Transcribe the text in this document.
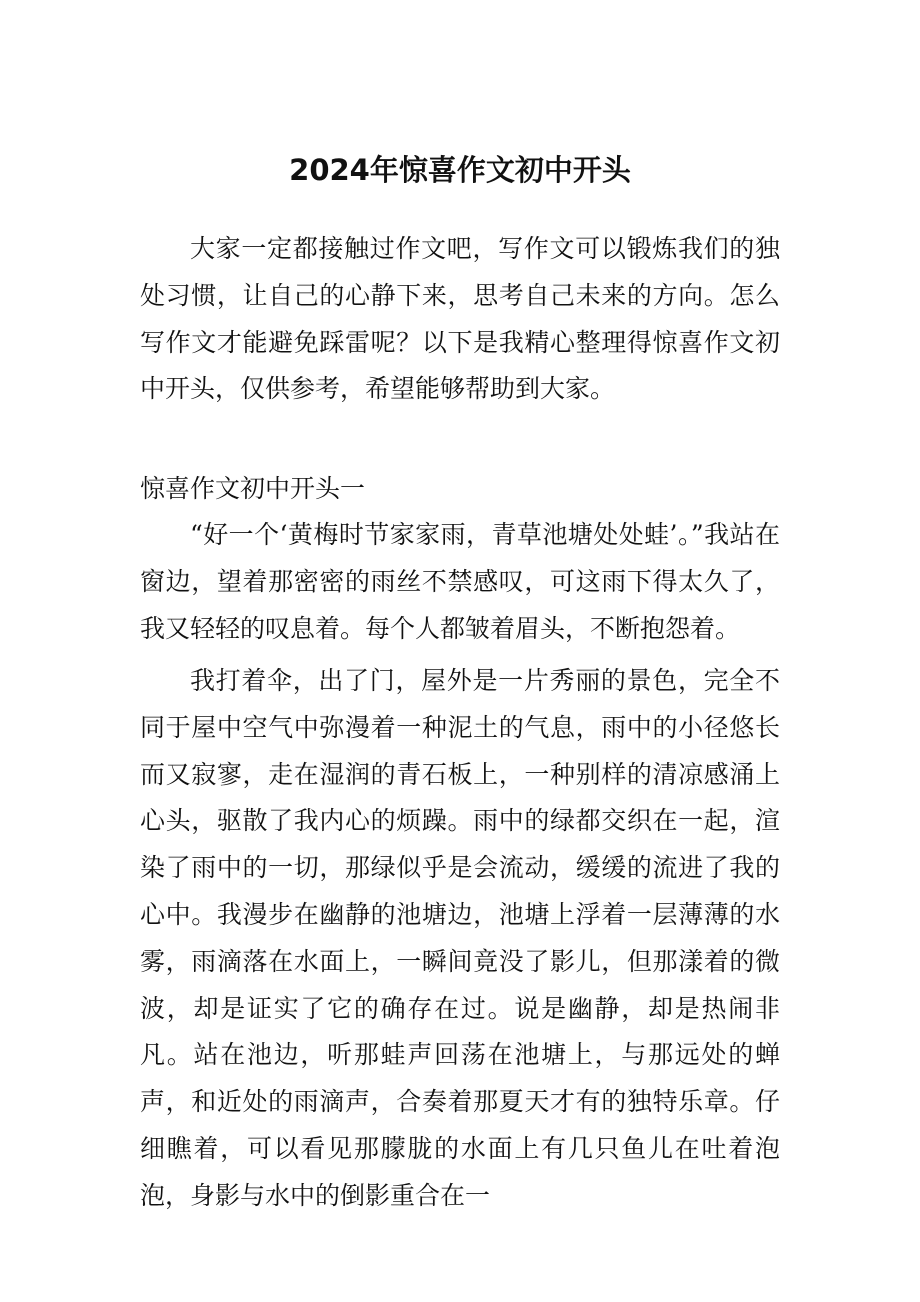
2024年惊喜作文初中开头

大家一定都接触过作文吧，写作文可以锻炼我们的独处习惯，让自己的心静下来，思考自己未来的方向。怎么写作文才能避免踩雷呢？以下是我精心整理得惊喜作文初中开头，仅供参考，希望能够帮助到大家。

惊喜作文初中开头一

“好一个‘黄梅时节家家雨，青草池塘处处蛙’。”我站在窗边，望着那密密的雨丝不禁感叹，可这雨下得太久了，我又轻轻的叹息着。每个人都皱着眉头，不断抱怨着。

我打着伞，出了门，屋外是一片秀丽的景色，完全不同于屋中空气中弥漫着一种泥土的气息，雨中的小径悠长而又寂寥，走在湿润的青石板上，一种别样的清凉感涌上心头，驱散了我内心的烦躁。雨中的绿都交织在一起，渲染了雨中的一切，那绿似乎是会流动，缓缓的流进了我的心中。我漫步在幽静的池塘边，池塘上浮着一层薄薄的水雾，雨滴落在水面上，一瞬间竟没了影儿，但那漾着的微波，却是证实了它的确存在过。说是幽静，却是热闹非凡。站在池边，听那蛙声回荡在池塘上，与那远处的蝉声，和近处的雨滴声，合奏着那夏天才有的独特乐章。仔细瞧着，可以看见那朦胧的水面上有几只鱼儿在吐着泡泡，身影与水中的倒影重合在一
